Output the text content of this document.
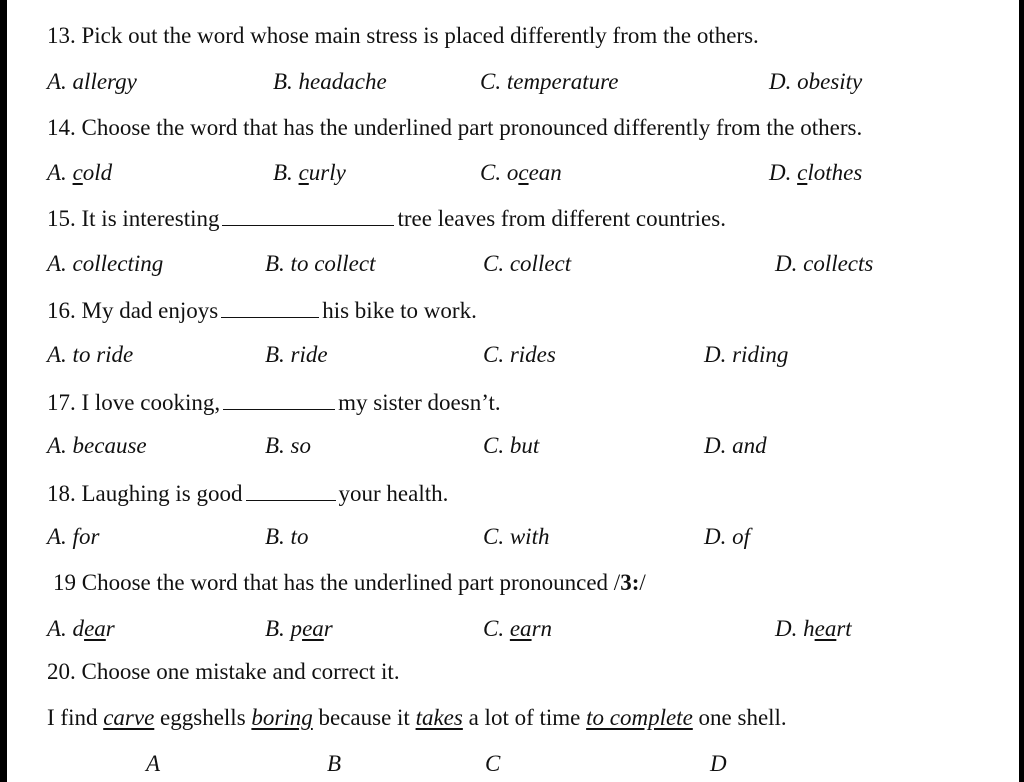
13. Pick out the word whose main stress is placed differently from the others.
A. allergy	B. headache	C. temperature	D. obesity
14. Choose the word that has the underlined part pronounced differently from the others.
A. cold	B. curly	C. ocean	D. clothes
15. It is interesting	tree leaves from different countries.
A. collecting	B. to collect	C. collect	D. collects
16. My dad enjoys	his bike to work.
A. to ride	B. ride	C. rides	D. riding
17. I love cooking,	my sister doesn’t.
A. because	B. so	C. but	D. and
18. Laughing is good	your health.
A. for	B. to	C. with	D. of
19 Choose the word that has the underlined part pronounced /3:/
A. dear	B. pear	C. earn	D. heart
20. Choose one mistake and correct it.
I find carve eggshells boring because it takes a lot of time to complete one shell.
A	B	C	D
